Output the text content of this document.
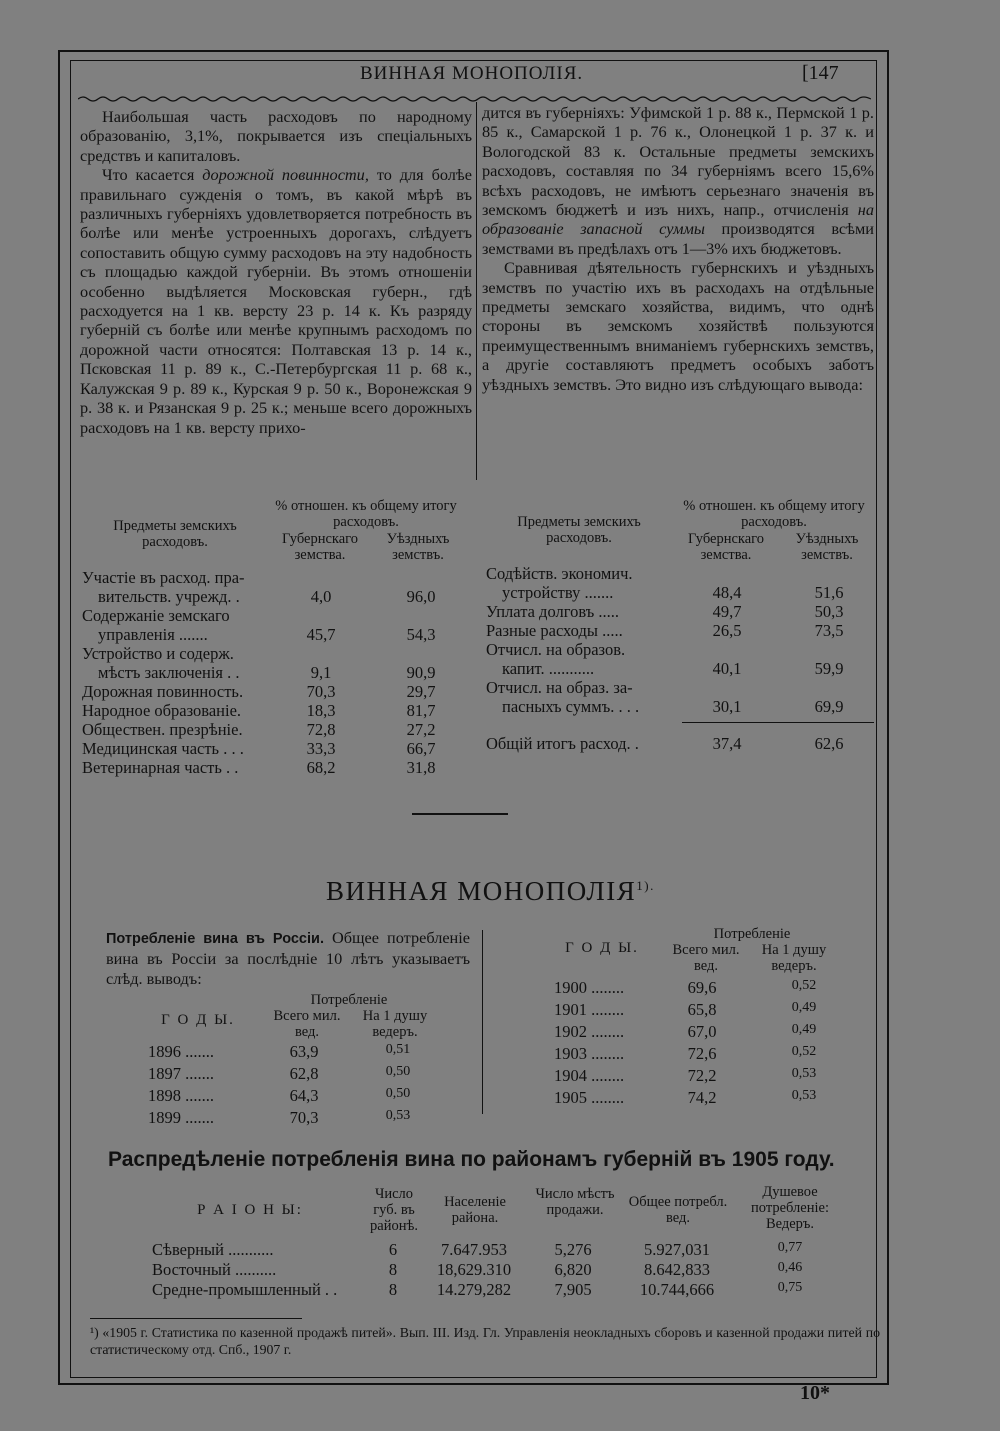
ВИННАЯ МОНОПОЛІЯ.	[147

Наибольшая часть расходовъ по народному образованію, 3,1%, покрывается изъ спеціальныхъ средствъ и капиталовъ.

Что касается дорожной повинности, то для болѣе правильнаго сужденія о томъ, въ какой мѣрѣ въ различныхъ губерніяхъ удовлетворяется потребность въ болѣе или менѣе устроенныхъ дорогахъ, слѣдуетъ сопоставить общую сумму расходовъ на эту надобность съ площадью каждой губерніи. Въ этомъ отношеніи особенно выдѣляется Московская губерн., гдѣ расходуется на 1 кв. версту 23 р. 14 к. Къ разряду губерній съ болѣе или менѣе крупнымъ расходомъ по дорожной части относятся: Полтавская 13 р. 14 к., Псковская 11 р. 89 к., С.-Петербургская 11 р. 68 к., Калужская 9 р. 89 к., Курская 9 р. 50 к., Воронежская 9 р. 38 к. и Рязанская 9 р. 25 к.; меньше всего дорожныхъ расходовъ на 1 кв. версту прихо-

дится въ губерніяхъ: Уфимской 1 р. 88 к., Пермской 1 р. 85 к., Самарской 1 р. 76 к., Олонецкой 1 р. 37 к. и Вологодской 83 к. Остальные предметы земскихъ расходовъ, составляя по 34 губерніямъ всего 15,6% всѣхъ расходовъ, не имѣютъ серьезнаго значенія въ земскомъ бюджетѣ и изъ нихъ, напр., отчисленія на образованіе запасной суммы производятся всѣми земствами въ предѣлахъ отъ 1—3% ихъ бюджетовъ.

Сравнивая дѣятельность губернскихъ и уѣздныхъ земствъ по участію ихъ въ расходахъ на отдѣльные предметы земскаго хозяйства, видимъ, что однѣ стороны въ земскомъ хозяйствѣ пользуются преимущественнымъ вниманіемъ губернскихъ земствъ, а другіе составляютъ предметъ особыхъ заботъ уѣздныхъ земствъ. Это видно изъ слѣдующаго вывода:

Предметы земскихъ расходовъ.
% отношен. къ общему итогу расходовъ.
Губернскаго земства.
Уѣздныхъ земствъ.
Участіе въ расход. пра-
вительств. учрежд. .	4,0	96,0
Содержаніе земскаго
управленія .......	45,7	54,3
Устройство и содерж.
мѣстъ заключенія . .	9,1	90,9
Дорожная повинность.	70,3	29,7
Народное образованіе.	18,3	81,7
Обществен. презрѣніе.	72,8	27,2
Медицинская часть . . .	33,3	66,7
Ветеринарная часть . .	68,2	31,8
Предметы земскихъ расходовъ.
% отношен. къ общему итогу расходовъ.
Губернскаго земства.
Уѣздныхъ земствъ.
Содѣйств. экономич.
устройству .......	48,4	51,6
Уплата долговъ .....	49,7	50,3
Разные расходы .....	26,5	73,5
Отчисл. на образов.
капит. ...........	40,1	59,9
Отчисл. на образ. за-
пасныхъ суммъ. . . .	30,1	69,9
Общій итогъ расход. .	37,4	62,6
ВИННАЯ $МОНОПОЛІЯ^{1).}$
Потребленіе вина въ Россіи. Общее потребленіе вина въ Россіи за послѣдніе 10 лѣтъ указываетъ слѣд. выводъ:
Г О Д Ы.
Потребленіе
Всего мил. вед.
На 1 душу ведеръ.
1896 .......	63,9	0,51
1897 .......	62,8	0,50
1898 .......	64,3	0,50
1899 .......	70,3	0,53
Г О Д Ы.
Потребленіе
Всего мил. вед.
На 1 душу ведеръ.
1900 ........	69,6	0,52
1901 ........	65,8	0,49
1902 ........	67,0	0,49
1903 ........	72,6	0,52
1904 ........	72,2	0,53
1905 ........	74,2	0,53
Распредѣленіе потребленія вина по районамъ губерній въ 1905 году.
Р А І О Н Ы:
Число губ. въ районѣ.
Населеніе района.
Число мѣстъ продажи.	Общее потребл. вед.
Душевое потребленіе: Ведеръ.
Сѣверный ...........	6	7.647.953	5,276	5.927,031	0,77
Восточный ..........	8	18,629.310	6,820	8.642,833	0,46
Средне-промышленный . .	8	14.279,282	7,905	10.744,666	0,75
¹) «1905 г. Статистика по казенной продажѣ питей». Вып. III. Изд. Гл. Управленія неокладныхъ сборовъ и казенной продажи питей по статистическому отд. Спб., 1907 г.
10*
